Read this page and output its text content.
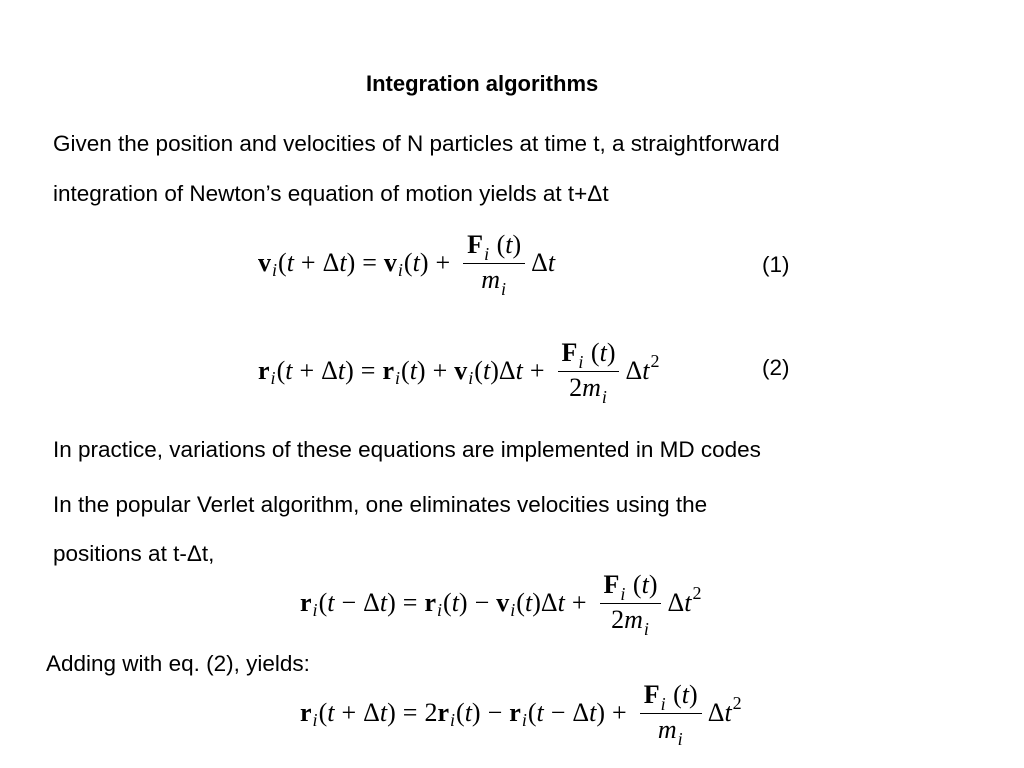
Integration algorithms
Given the position and velocities of N particles at time t, a straightforward
integration of Newton’s equation of motion yields at t+Δt
v i ( t + Δ t ) = v i ( t ) + $\frac{F_i (t)}{m_i}$ Δ t	(1)
r i ( t + Δ t ) = r i ( t ) + v i ( t ) Δ $t + \frac{F_i (t)}{2m_i}$ Δ t 2	(2)
In practice, variations of these equations are implemented in MD codes
In the popular Verlet algorithm, one eliminates velocities using the
positions at t-Δt,
r i ( t − Δ t ) = r i ( t ) − v i ( t ) Δ $t + \frac{F_i (t)}{2m_i}$ Δ t 2
Adding with eq. (2), yields:
r i ( t + Δ t ) = 2 r i ( t ) − r i ( t − Δ t ) + $\frac{F_i (t)}{m_i}$ Δ t 2
